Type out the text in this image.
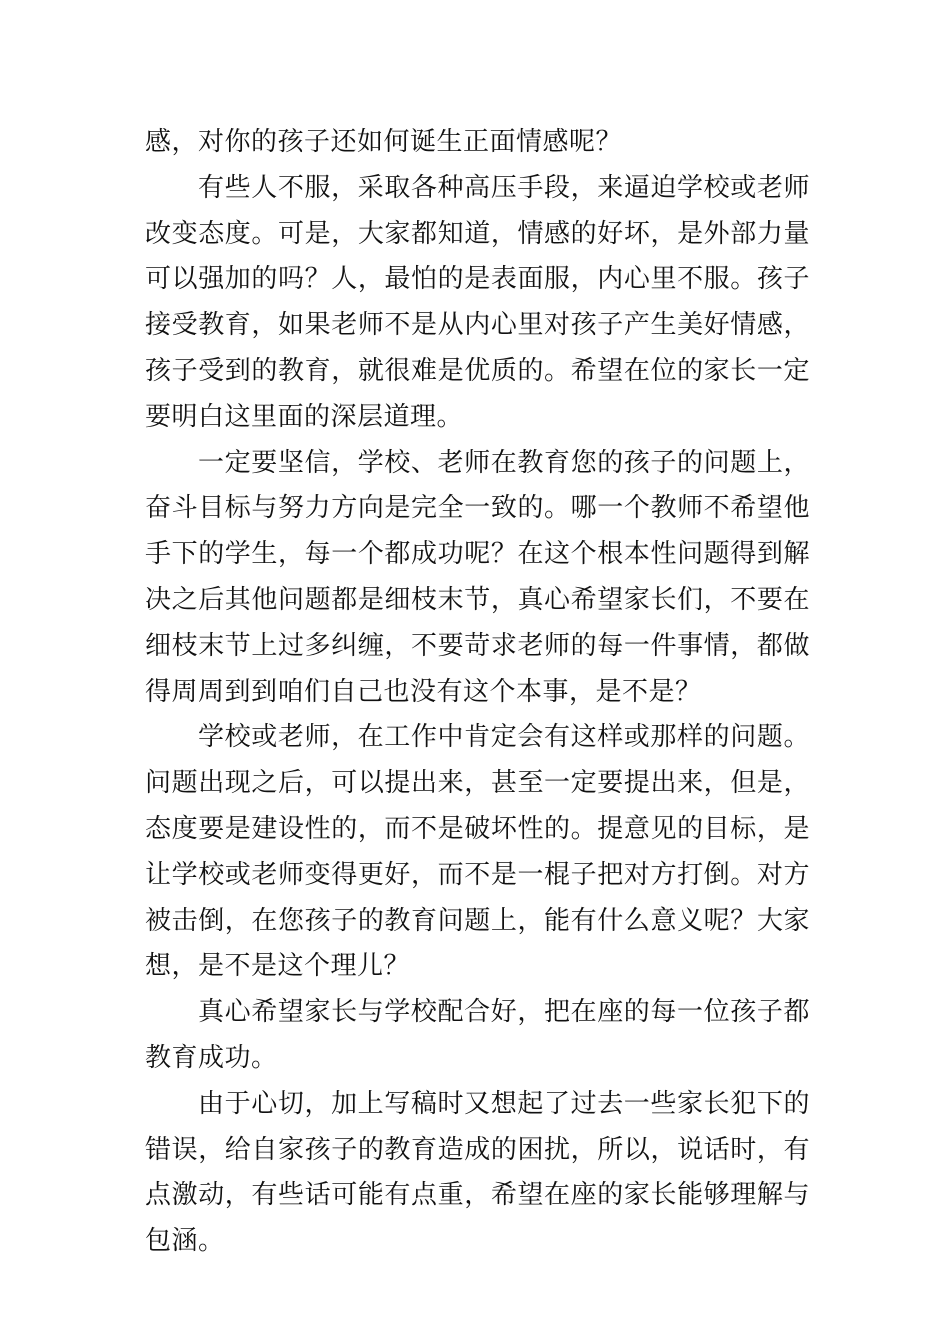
感，对你的孩子还如何诞生正面情感呢？

有些人不服，采取各种高压手段，来逼迫学校或老师改变态度。可是，大家都知道，情感的好坏，是外部力量可以强加的吗？人，最怕的是表面服，内心里不服。孩子接受教育，如果老师不是从内心里对孩子产生美好情感，孩子受到的教育，就很难是优质的。希望在位的家长一定要明白这里面的深层道理。

一定要坚信，学校、老师在教育您的孩子的问题上，奋斗目标与努力方向是完全一致的。哪一个教师不希望他手下的学生，每一个都成功呢？在这个根本性问题得到解决之后其他问题都是细枝末节，真心希望家长们，不要在细枝末节上过多纠缠，不要苛求老师的每一件事情，都做得周周到到咱们自己也没有这个本事，是不是？

学校或老师，在工作中肯定会有这样或那样的问题。问题出现之后，可以提出来，甚至一定要提出来，但是，态度要是建设性的，而不是破坏性的。提意见的目标，是让学校或老师变得更好，而不是一棍子把对方打倒。对方被击倒，在您孩子的教育问题上，能有什么意义呢？大家想，是不是这个理儿？

真心希望家长与学校配合好，把在座的每一位孩子都教育成功。

由于心切，加上写稿时又想起了过去一些家长犯下的错误，给自家孩子的教育造成的困扰，所以，说话时，有点激动，有些话可能有点重，希望在座的家长能够理解与包涵。
